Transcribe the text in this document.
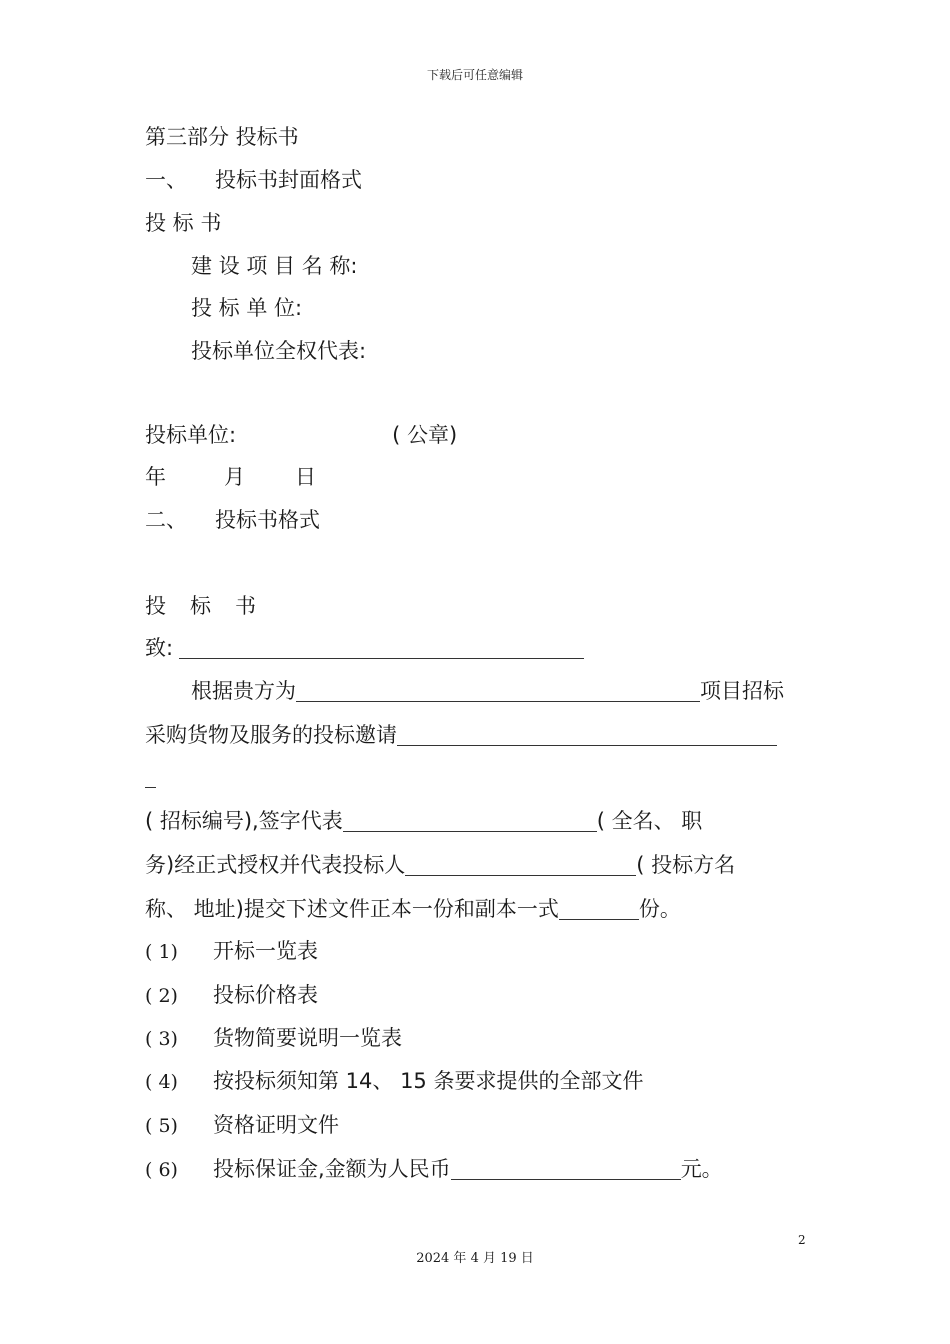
下载后可任意编辑
第三部分 投标书
一、 投标书封面格式
投 标 书
建 设 项 目 名 称:
投 标 单 位:
投标单位全权代表:
投标单位:	( 公章)
年	月 日
二、 投标书格式
投 标 书
致:
根据贵方为	项目招标
采购货物及服务的投标邀请
( 招标编号),签字代表	( 全名、 职
务)经正式授权并代表投标人	( 投标方名
称、 地址)提交下述文件正本一份和副本一式	份。
( 1) 开标一览表
( 2) 投标价格表
( 3) 货物简要说明一览表
( 4) 按投标须知第 14、 15 条要求提供的全部文件
( 5) 资格证明文件
( 6) 投标保证金,金额为人民币	元。
2
2024 年 4 月 19 日
